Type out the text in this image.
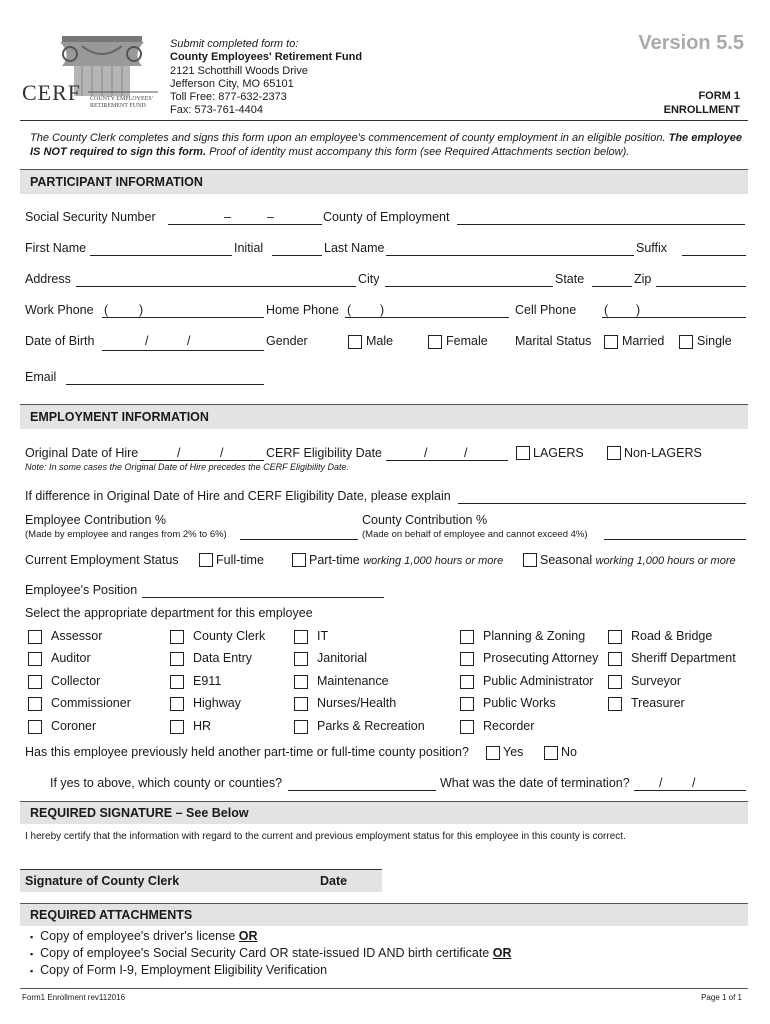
CERF COUNTY EMPLOYEES' RETIREMENT FUND
Submit completed form to:
County Employees' Retirement Fund
2121 Schotthill Woods Drive
Jefferson City, MO 65101
Toll Free: 877-632-2373
Fax: 573-761-4404
Version 5.5
FORM 1
ENROLLMENT
The County Clerk completes and signs this form upon an employee's commencement of county employment in an eligible position. The employee IS NOT required to sign this form. Proof of identity must accompany this form (see Required Attachments section below).
PARTICIPANT INFORMATION
Social Security Number	–	–	County of Employment
First Name	Initial	Last Name	Suffix
Address	City	State	Zip
Work Phone ( )	Home Phone ( )	Cell Phone ( )
Date of Birth	/	/	Gender	Male	Female Marital Status Married	Single
Email
EMPLOYMENT INFORMATION
Original Date of Hire	/	/	CERF Eligibility Date	/	/	LAGERS	Non-LAGERS
Note: In some cases the Original Date of Hire precedes the CERF Eligibility Date.
If difference in Original Date of Hire and CERF Eligibility Date, please explain
Employee Contribution %
(Made by employee and ranges from 2% to 6%)
County Contribution %
(Made on behalf of employee and cannot exceed 4%)
Current Employment Status	Full-time	Part-time working 1,000 hours or more	Seasonal working 1,000 hours or more
Employee's Position
Select the appropriate department for this employee
Assessor	County Clerk	IT	Planning & Zoning	Road & Bridge
Auditor	Data Entry	Janitorial	Prosecuting Attorney	Sheriff Department
Collector	E911	Maintenance	Public Administrator	Surveyor
Commissioner	Highway	Nurses/Health	Public Works	Treasurer
Coroner	HR	Parks & Recreation	Recorder
Has this employee previously held another part-time or full-time county position?	Yes	No
If yes to above, which county or counties?	What was the date of termination? / /
REQUIRED SIGNATURE – See Below
I hereby certify that the information with regard to the current and previous employment status for this employee in this county is correct.
Signature of County Clerk	Date
REQUIRED ATTACHMENTS
▪ Copy of employee's driver's license OR
▪ Copy of employee's Social Security Card OR state-issued ID AND birth certificate OR
▪ Copy of Form I-9, Employment Eligibility Verification
Form1 Enrollment rev112016	Page 1 of 1
